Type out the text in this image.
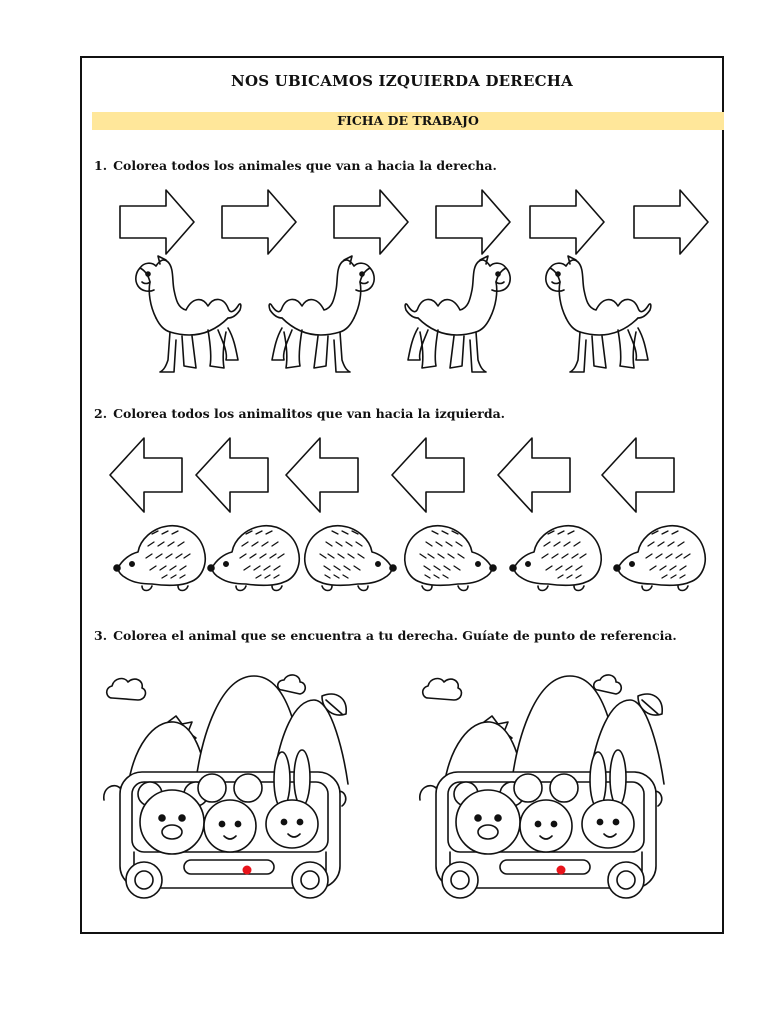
NOS UBICAMOS IZQUIERDA DERECHA
FICHA DE TRABAJO
1. Colorea todos los animales que van a hacia la derecha.
2. Colorea todos los animalitos que van hacia la izquierda.
3. Colorea el animal que se encuentra a tu derecha. Guíate de punto de referencia.
